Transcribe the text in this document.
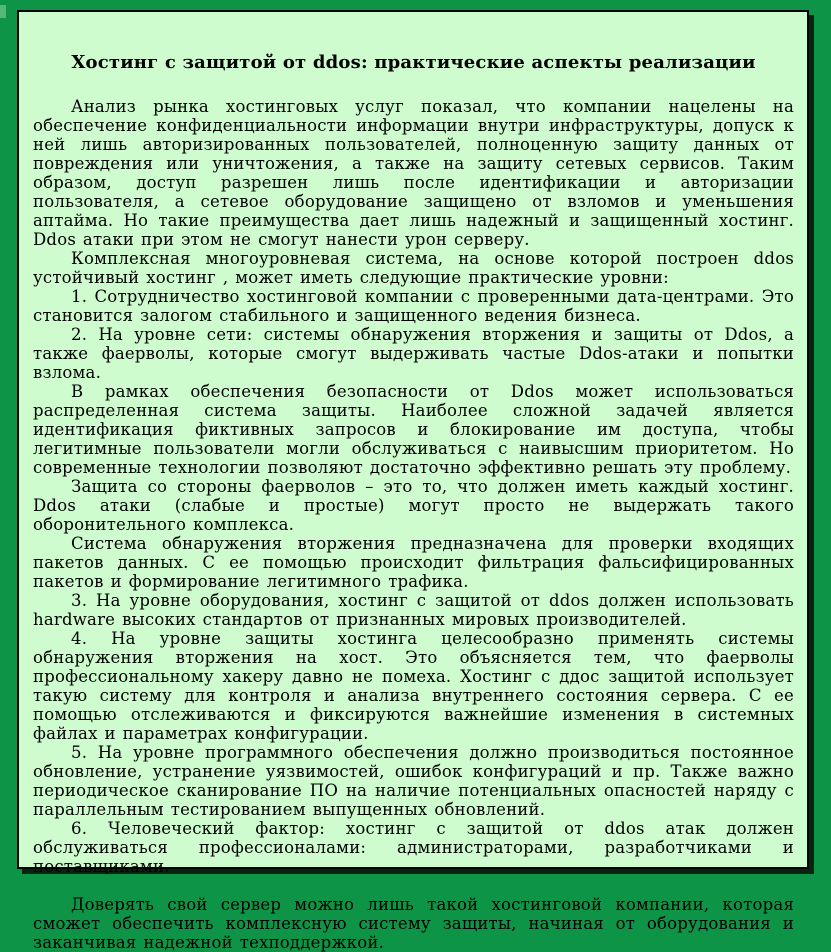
Хостинг с защитой от ddos: практические аспекты реализации

Анализ рынка хостинговых услуг показал, что компании нацелены на обеспечение конфиденциальности информации внутри инфраструктуры, допуск к ней лишь авторизированных пользователей, полноценную защиту данных от повреждения или уничтожения, а также на защиту сетевых сервисов. Таким образом, доступ разрешен лишь после идентификации и авторизации пользователя, а сетевое оборудование защищено от взломов и уменьшения аптайма. Но такие преимущества дает лишь надежный и защищенный хостинг. Ddos атаки при этом не смогут нанести урон серверу.

Комплексная многоуровневая система, на основе которой построен ddos устойчивый хостинг , может иметь следующие практические уровни:

1. Сотрудничество хостинговой компании с проверенными дата-центрами. Это становится залогом стабильного и защищенного ведения бизнеса.

2. На уровне сети: системы обнаружения вторжения и защиты от Ddos, а также фаерволы, которые смогут выдерживать частые Ddos-атаки и попытки взлома.

В рамках обеспечения безопасности от Ddos может использоваться распределенная система защиты. Наиболее сложной задачей является идентификация фиктивных запросов и блокирование им доступа, чтобы легитимные пользователи могли обслуживаться с наивысшим приоритетом. Но современные технологии позволяют достаточно эффективно решать эту проблему.

Защита со стороны фаерволов – это то, что должен иметь каждый хостинг. Ddos атаки (слабые и простые) могут просто не выдержать такого оборонительного комплекса.

Система обнаружения вторжения предназначена для проверки входящих пакетов данных. С ее помощью происходит фильтрация фальсифицированных пакетов и формирование легитимного трафика.

3. На уровне оборудования, хостинг с защитой от ddos должен использовать hardware высоких стандартов от признанных мировых производителей.

4. На уровне защиты хостинга целесообразно применять системы обнаружения вторжения на хост. Это объясняется тем, что фаерволы профессиональному хакеру давно не помеха. Хостинг с ддос защитой использует такую систему для контроля и анализа внутреннего состояния сервера. С ее помощью отслеживаются и фиксируются важнейшие изменения в системных файлах и параметрах конфигурации.

5. На уровне программного обеспечения должно производиться постоянное обновление, устранение уязвимостей, ошибок конфигураций и пр. Также важно периодическое сканирование ПО на наличие потенциальных опасностей наряду с параллельным тестированием выпущенных обновлений.

6. Человеческий фактор: хостинг с защитой от ddos атак должен обслуживаться профессионалами: администраторами, разработчиками и поставщиками.

Доверять свой сервер можно лишь такой хостинговой компании, которая сможет обеспечить комплексную систему защиты, начиная от оборудования и заканчивая надежной техподдержкой.
